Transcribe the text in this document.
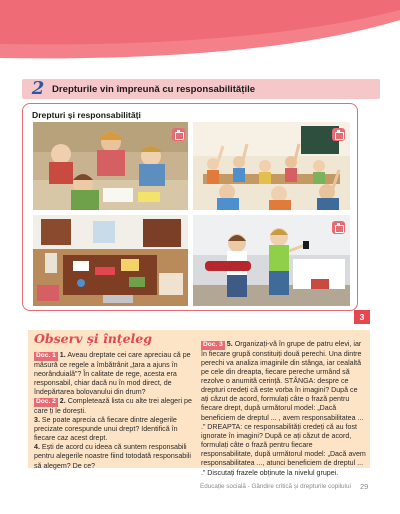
2 Drepturile vin împreună cu responsabilitățile
Drepturi și responsabilități
3
Observ și înțeleg

Doc. 1 1. Aveau dreptate cei care apreciau că pe măsură ce regele a îmbătrânit „țara a ajuns în neorânduială”? În calitate de rege, acesta era responsabil, chiar dacă nu în mod direct, de îndepărtarea bolovanului din drum?

Doc. 2 2. Completează lista cu alte trei alegeri pe care ți le dorești.

3. Se poate aprecia că fiecare dintre alegerile precizate corespunde unui drept? Identifică în fiecare caz acest drept.

4. Ești de acord cu ideea că suntem responsabili pentru alegerile noastre fiind totodată responsabili să alegem? De ce?

Doc. 3 5. Organizați-vă în grupe de patru elevi, iar în fiecare grupă constituiți două perechi. Una dintre perechi va analiza imaginile din stânga, iar cealaltă pe cele din dreapta, fiecare pereche urmând să rezolve o anumită cerință. STÂNGA: despre ce drepturi credeți că este vorba în imagini? După ce ați căzut de acord, formulați câte o frază pentru fiecare drept, după următorul model: „Dacă beneficiem de dreptul ... , avem responsabilitatea ... .” DREAPTA: ce responsabilități credeți că au fost ignorate în imagini? După ce ați căzut de acord, formulați câte o frază pentru fiecare responsabilitate, după următorul model: „Dacă avem responsabilitatea ..., atunci beneficiem de dreptul ... .” Discutați frazele obținute la nivelul grupei.

Educație socială - Gândire critică și drepturile copilului 29
